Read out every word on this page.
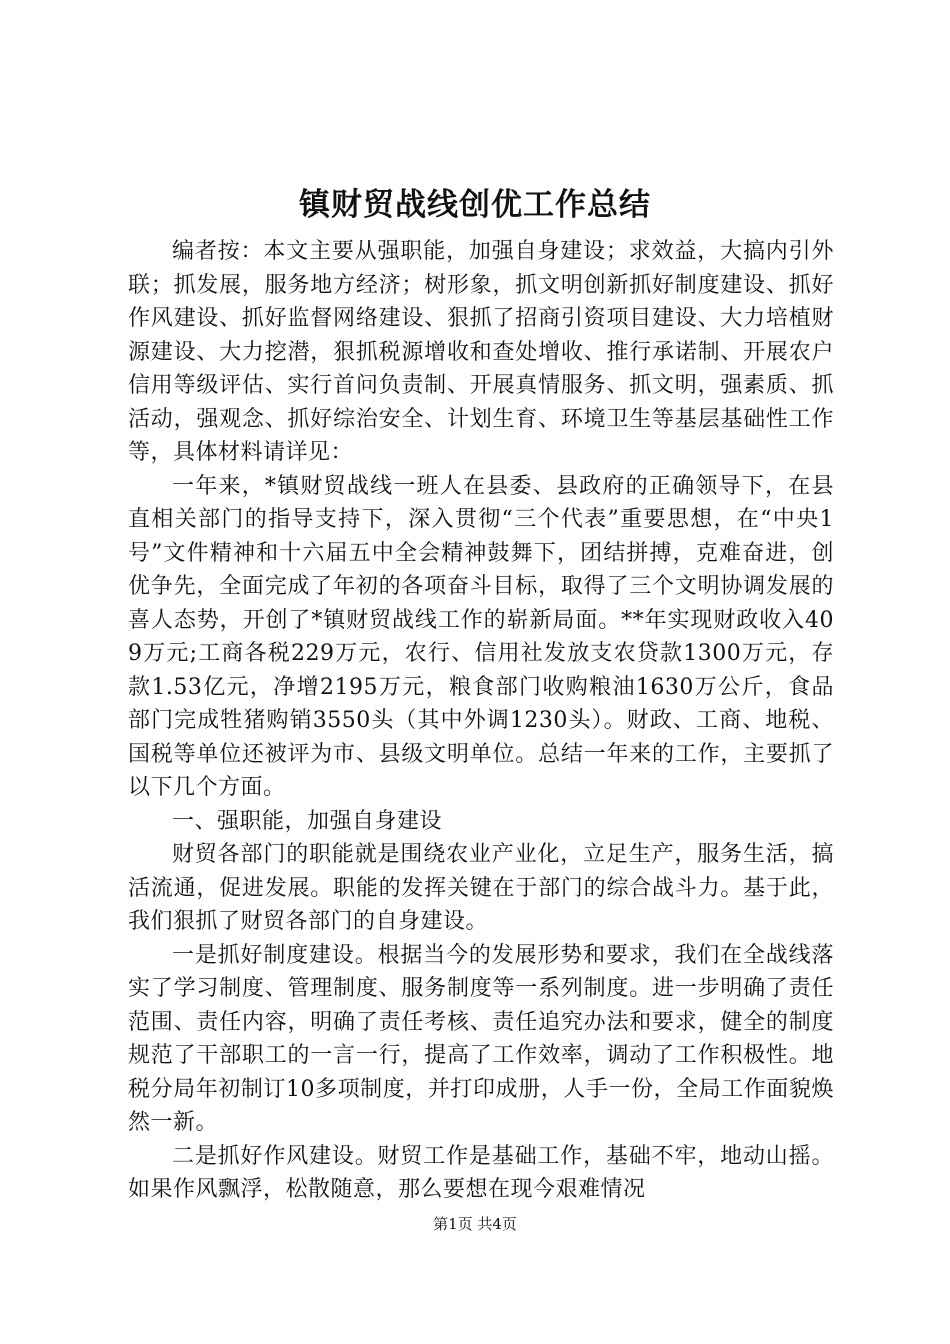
镇财贸战线创优工作总结

编者按：本文主要从强职能，加强自身建设；求效益，大搞内引外联；抓发展，服务地方经济；树形象，抓文明创新抓好制度建设、抓好作风建设、抓好监督网络建设、狠抓了招商引资项目建设、大力培植财源建设、大力挖潜，狠抓税源增收和查处增收、推行承诺制、开展农户信用等级评估、实行首问负责制、开展真情服务、抓文明，强素质、抓活动，强观念、抓好综治安全、计划生育、环境卫生等基层基础性工作等，具体材料请详见：

一年来，*镇财贸战线一班人在县委、县政府的正确领导下，在县直相关部门的指导支持下，深入贯彻“三个代表”重要思想，在“中央1号”文件精神和十六届五中全会精神鼓舞下，团结拼搏，克难奋进，创优争先，全面完成了年初的各项奋斗目标，取得了三个文明协调发展的喜人态势，开创了*镇财贸战线工作的崭新局面。**年实现财政收入409万元;工商各税229万元，农行、信用社发放支农贷款1300万元，存款1.53亿元，净增2195万元，粮食部门收购粮油1630万公斤，食品部门完成牲猪购销3550头（其中外调1230头）。财政、工商、地税、国税等单位还被评为市、县级文明单位。总结一年来的工作，主要抓了以下几个方面。

一、强职能，加强自身建设

财贸各部门的职能就是围绕农业产业化，立足生产，服务生活，搞活流通，促进发展。职能的发挥关键在于部门的综合战斗力。基于此，我们狠抓了财贸各部门的自身建设。

一是抓好制度建设。根据当今的发展形势和要求，我们在全战线落实了学习制度、管理制度、服务制度等一系列制度。进一步明确了责任范围、责任内容，明确了责任考核、责任追究办法和要求，健全的制度规范了干部职工的一言一行，提高了工作效率，调动了工作积极性。地税分局年初制订10多项制度，并打印成册，人手一份，全局工作面貌焕然一新。

二是抓好作风建设。财贸工作是基础工作，基础不牢，地动山摇。如果作风飘浮，松散随意，那么要想在现今艰难情况

第1页 共4页
